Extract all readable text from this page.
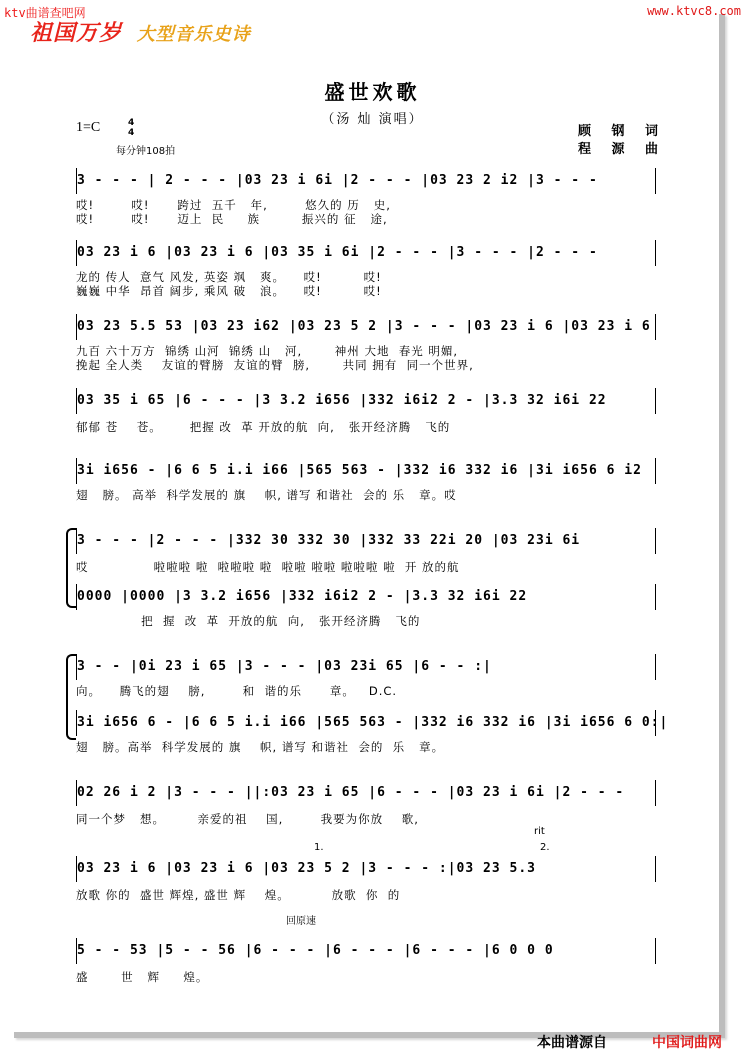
ktv曲谱查吧网	www.ktvc8.com
祖国万岁 大型音乐史诗
盛世欢歌
（汤 灿 演唱）
顾 钢 词
程 源 曲
1=C	4
4
每分钟108拍
3 - - - | 2 - - - |03 23 i 6i |2 - - - |03 23 2 i2 |3 - - -
哎!        哎!      跨过  五千   年,        悠久的 历   史,
哎!        哎!      迈上  民     族         振兴的 征   途,
03 23 i 6 |03 23 i 6 |03 35 i 6i |2 - - - |3 - - - |2 - - -
龙的 传人  意气 风发, 英姿 飒   爽。    哎!         哎!
巍巍 中华  昂首 阔步, 乘风 破   浪。    哎!         哎!
03 23 5.5 53 |03 23 i62 |03 23 5 2 |3 - - - |03 23 i 6 |03 23 i 6
九百 六十万方  锦绣 山河  锦绣 山   河,       神州 大地  春光 明媚,
挽起 全人类    友谊的臂膀  友谊的臂  膀,       共同 拥有  同一个世界,
03 35 i 65 |6 - - - |3 3.2 i656 |332 i6i2 2 - |3.3 32 i6i 22
郁郁 苍    苍。      把握 改  革 开放的航  向,   张开经济腾   飞的
3i i656 - |6 6 5 i.i i66 |565 563 - |332 i6 332 i6 |3i i656 6 i2
翅   膀。 高举  科学发展的 旗    帜, 谱写 和谐社  会的 乐   章。哎
3 - - - |2 - - - |332 30 332 30 |332 33 22i 20 |03 23i 6i
哎              啦啦啦 啦  啦啦啦 啦  啦啦 啦啦 啦啦啦 啦  开 放的航
0000 |0000 |3 3.2 i656 |332 i6i2 2 - |3.3 32 i6i 22
把  握  改  革  开放的航  向,   张开经济腾   飞的
3 - - |0i 23 i 65 |3 - - - |03 23i 65 |6 - - :|
向。    腾飞的翅    膀,        和  谐的乐      章。   D.C.
3i i656 6 - |6 6 5 i.i i66 |565 563 - |332 i6 332 i6 |3i i656 6 0:|
翅   膀。高举  科学发展的 旗    帜, 谱写 和谐社  会的  乐   章。
02 26 i 2 |3 - - - ||:03 23 i 65 |6 - - - |03 23 i 6i |2 - - -
同一个梦   想。       亲爱的祖    国,        我要为你放    歌,
rit
1.	2.
03 23 i 6 |03 23 i 6 |03 23 5 2 |3 - - - :|03 23 5.3
放歌 你的  盛世 辉煌, 盛世 辉    煌。         放歌  你  的
回原速
5 - - 53 |5 - - 56 |6 - - - |6 - - - |6 - - - |6 0 0 0
盛       世   辉     煌。
本曲谱源自	中国词曲网
